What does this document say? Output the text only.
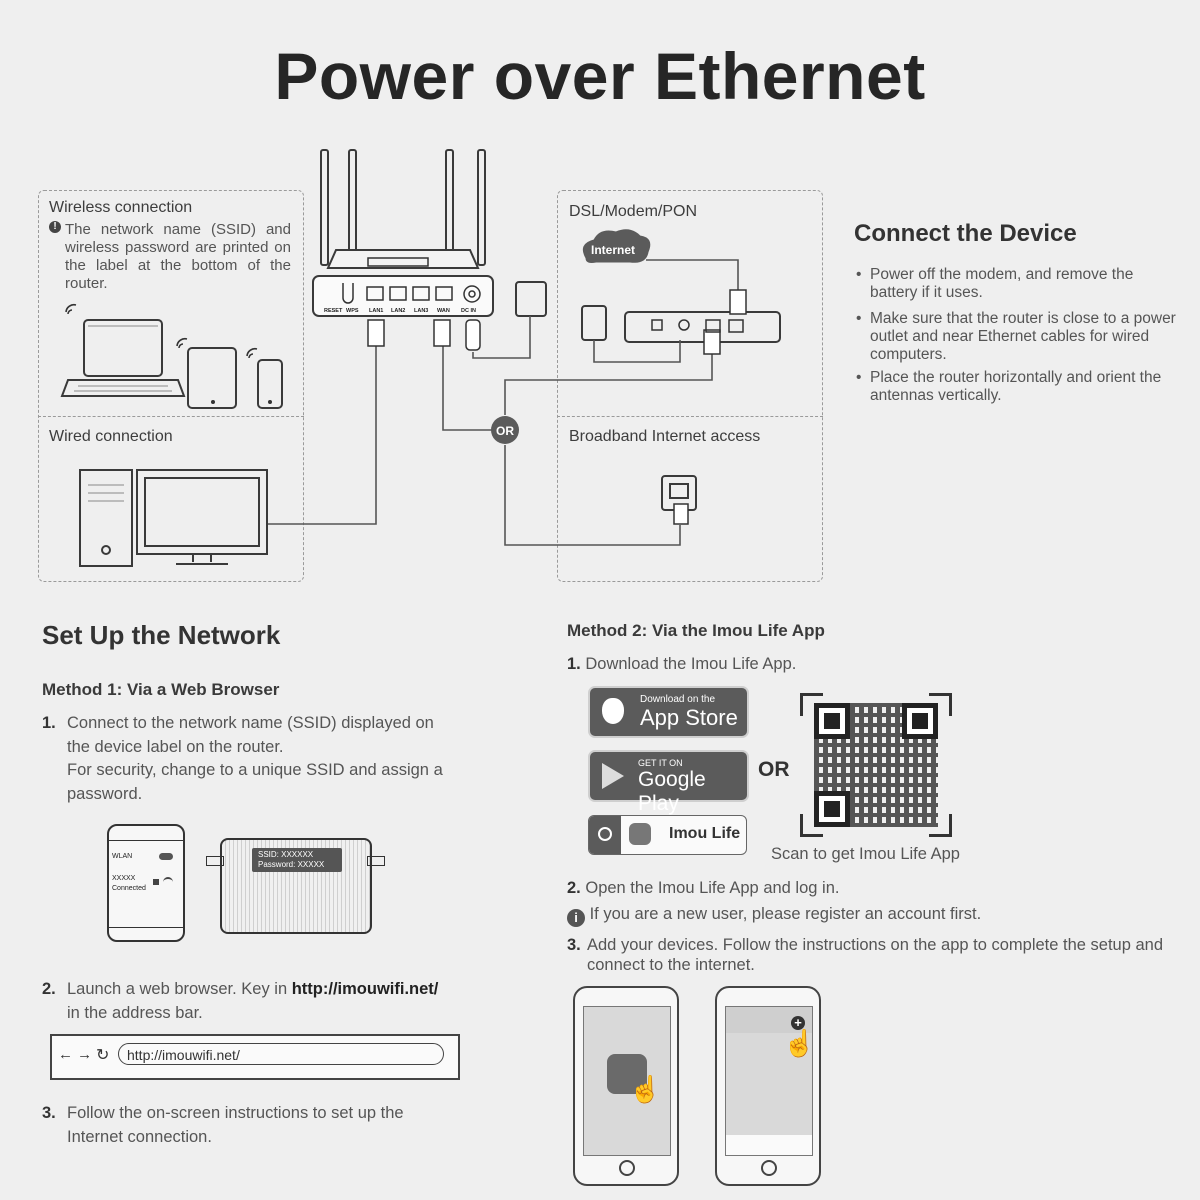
Power over Ethernet
Wireless connection
! The network name (SSID) and wireless password are printed on the label at the bottom of the router.
Wired connection
DSL/Modem/PON
Broadband Internet access
RESET WPS LAN1 LAN2 LAN3 WAN DC IN
Internet
OR
Connect the Device
• Power off the modem, and remove the battery if it uses.
• Make sure that the router is close to a power outlet and near Ethernet cables for wired computers.
• Place the router horizontally and orient the antennas vertically.
Set Up the Network
Method 1: Via a Web Browser
1. Connect to the network name (SSID) displayed on
the device label on the router.
For security, change to a unique SSID and assign a
password.
WLAN
XXXXX
Connected
SSID: XXXXXX
Password: XXXXX
2. Launch a web browser. Key in http://imouwifi.net/
in the address bar.
← → ↻	http://imouwifi.net/
3. Follow the on-screen instructions to set up the
Internet connection.
Method 2: Via the Imou Life App
1. Download the Imou Life App.
Download on the
App Store
GET IT ON
Google Play
Imou Life
OR
Scan to get Imou Life App
2. Open the Imou Life App and log in.
i If you are a new user, please register an account first.
3. Add your devices. Follow the instructions on the app to complete the setup and
connect to the internet.
☝
+
☝
